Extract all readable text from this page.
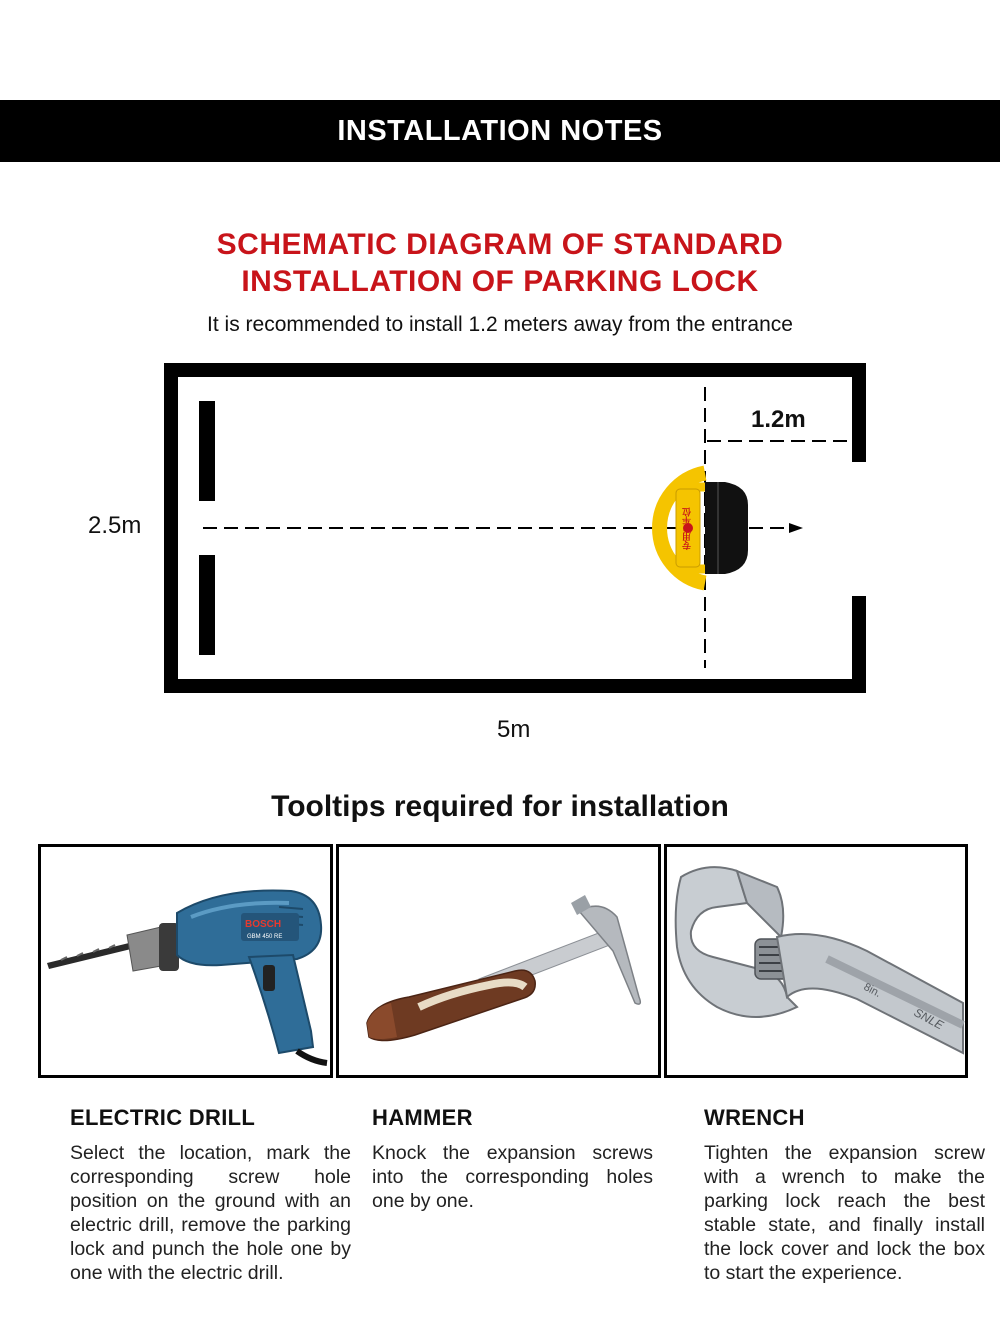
INSTALLATION NOTES
SCHEMATIC DIAGRAM OF STANDARD
INSTALLATION OF PARKING LOCK
It is recommended to install 1.2 meters away from the entrance
专用P车位
2.5m
5m
1.2m
Tooltips required for installation
BOSCH
GBM 450 RE
8in.
SNLE
ELECTRIC DRILL	HAMMER	WRENCH
Select the location, mark the corresponding screw hole position on the ground with an electric drill, remove the parking lock and punch the hole one by one with the electric drill.
Knock the expansion screws into the corresponding holes one by one.
Tighten the expansion screw with a wrench to make the parking lock reach the best stable state, and finally install the lock cover and lock the box to start the experience.
